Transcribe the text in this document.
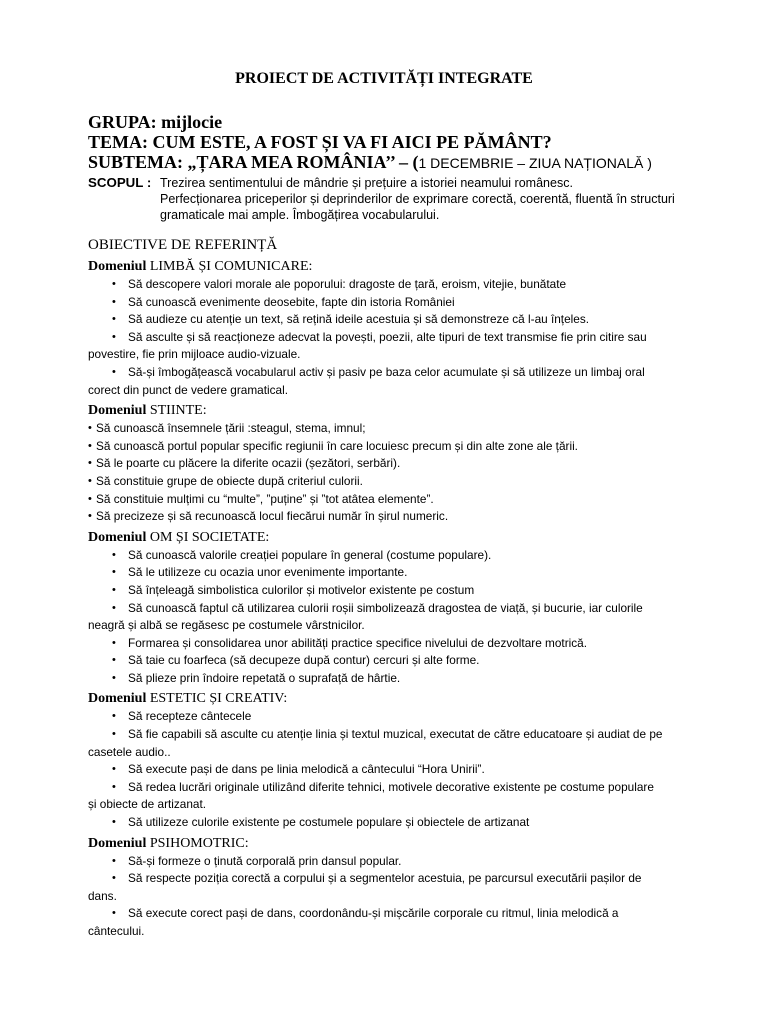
PROIECT DE ACTIVITĂȚI INTEGRATE

GRUPA: mijlocie

TEMA: CUM ESTE, A FOST ȘI VA FI AICI PE PĂMÂNT?

SUBTEMA: „ȚARA MEA ROMÂNIA’’ – (1 DECEMBRIE – ZIUA NAȚIONALĂ )

SCOPUL : Trezirea sentimentului de mândrie și prețuire a istoriei neamului românesc.
Perfecționarea priceperilor și deprinderilor de exprimare corectă, coerentă, fluentă în structuri
gramaticale mai ample. Îmbogățirea vocabularului.

OBIECTIVE DE REFERINȚĂ

Domeniul LIMBĂ ȘI COMUNICARE:

• Să descopere valori morale ale poporului: dragoste de țară, eroism, vitejie, bunătate
• Să cunoască evenimente deosebite, fapte din istoria României
• Să audieze cu atenție un text, să rețină ideile acestuia și să demonstreze că l-au înțeles.
•	Să asculte și să reacționeze adecvat la povești, poezii, alte tipuri de text transmise fie prin citire sau
povestire, fie prin mijloace audio-vizuale.
•	Să-și îmbogățească vocabularul activ și pasiv pe baza celor acumulate și să utilizeze un limbaj oral
corect din punct de vedere gramatical.

Domeniul STIINTE:

• Să cunoască însemnele țării :steagul, stema, imnul;
• Să cunoască portul popular specific regiunii în care locuiesc precum și din alte zone ale țării.
• Să le poarte cu plăcere la diferite ocazii (șezători, serbări).
• Să constituie grupe de obiecte după criteriul culorii.
• Să constituie mulțimi cu “multe”, ”puține” și ”tot atâtea elemente”.
• Să precizeze și să recunoască locul fiecărui număr în șirul numeric.

Domeniul OM ȘI SOCIETATE:

• Să cunoască valorile creației populare în general (costume populare).
• Să le utilizeze cu ocazia unor evenimente importante.
• Să înțeleagă simbolistica culorilor și motivelor existente pe costum
•	Să cunoască faptul că utilizarea culorii roșii simbolizează dragostea de viață, și bucurie, iar culorile
neagră și albă se regăsesc pe costumele vârstnicilor.
• Formarea și consolidarea unor abilități practice specifice nivelului de dezvoltare motrică.
• Să taie cu foarfeca (să decupeze după contur) cercuri și alte forme.
• Să plieze prin îndoire repetată o suprafață de hârtie.

Domeniul ESTETIC ȘI CREATIV:

• Să recepteze cântecele
•	Să fie capabili să asculte cu atenție linia și textul muzical, executat de către educatoare și audiat de pe
casetele audio..
• Să execute pași de dans pe linia melodică a cântecului “Hora Unirii”.
•	Să redea lucrări originale utilizând diferite tehnici, motivele decorative existente pe costume populare
și obiecte de artizanat.
• Să utilizeze culorile existente pe costumele populare și obiectele de artizanat

Domeniul PSIHOMOTRIC:

• Să-și formeze o ținută corporală prin dansul popular.
•	Să respecte poziția corectă a corpului și a segmentelor acestuia, pe parcursul executării pașilor de
dans.
•	Să execute corect pași de dans, coordonându-și mișcările corporale cu ritmul, linia melodică a
cântecului.
